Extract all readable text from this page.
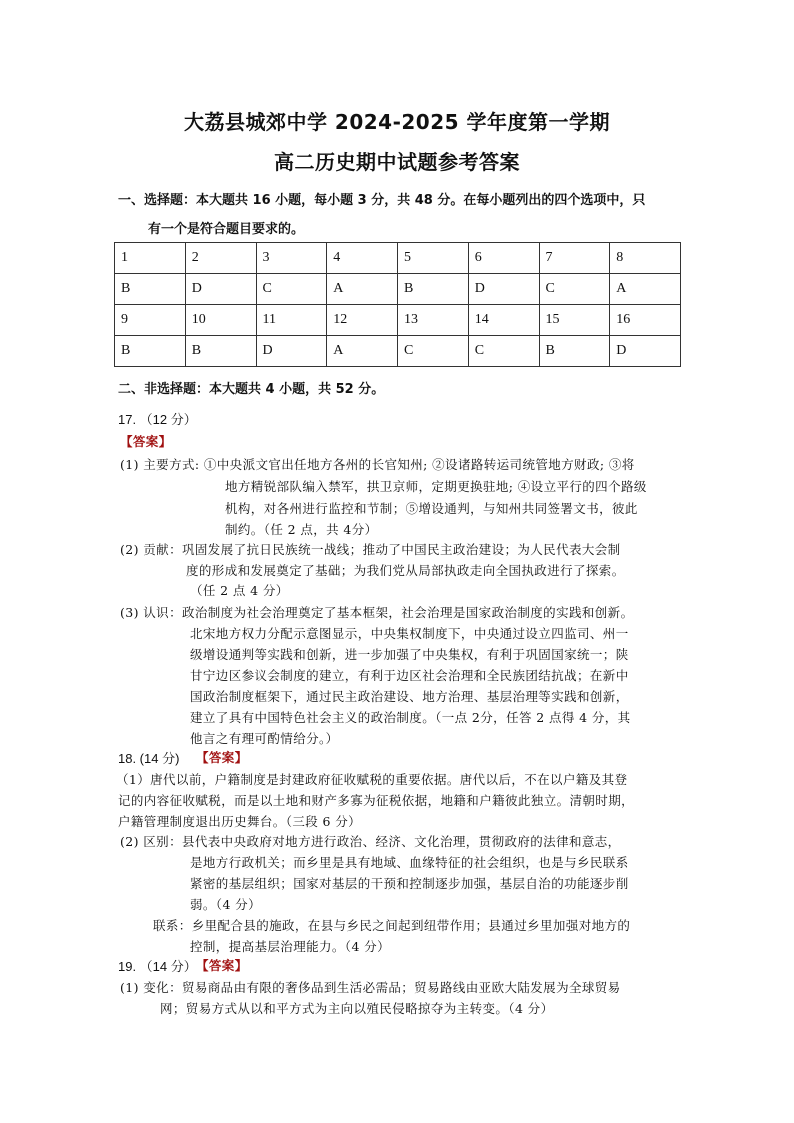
大荔县城郊中学 2024-2025 学年度第一学期
高二历史期中试题参考答案
一、选择题：本大题共 16 小题，每小题 3 分，共 48 分。在每小题列出的四个选项中，只
有一个是符合题目要求的。
1	2	3	4	5	6	7	8
B	D	C	A	B	D	C	A
9	10	11	12	13	14	15	16
B	B	D	A	C	C	B	D
二、非选择题：本大题共 4 小题，共 52 分。
17. （12 分）
【答案】
(1) 主要方式: ①中央派文官出任地方各州的长官知州; ②设诸路转运司统管地方财政; ③将
地方精锐部队编入禁军，拱卫京师，定期更换驻地; ④设立平行的四个路级
机构，对各州进行监控和节制；⑤增设通判，与知州共同签署文书，彼此
制约。（任 2 点，共 4分）
(2) 贡献：巩固发展了抗日民族统一战线；推动了中国民主政治建设；为人民代表大会制
度的形成和发展奠定了基础；为我们党从局部执政走向全国执政进行了探索。
（任 2 点 4 分）
(3) 认识：政治制度为社会治理奠定了基本框架，社会治理是国家政治制度的实践和创新。
北宋地方权力分配示意图显示，中央集权制度下，中央通过设立四监司、州一
级增设通判等实践和创新，进一步加强了中央集权，有利于巩固国家统一；陕
甘宁边区参议会制度的建立，有利于边区社会治理和全民族团结抗战；在新中
国政治制度框架下，通过民主政治建设、地方治理、基层治理等实践和创新，
建立了具有中国特色社会主义的政治制度。（一点 2分，任答 2 点得 4 分，其
他言之有理可酌情给分。）
18. (14 分) 【答案】
（1）唐代以前，户籍制度是封建政府征收赋税的重要依据。唐代以后，不在以户籍及其登
记的内容征收赋税，而是以土地和财产多寡为征税依据，地籍和户籍彼此独立。清朝时期，
户籍管理制度退出历史舞台。（三段 6 分）
(2) 区别：县代表中央政府对地方进行政治、经济、文化治理，贯彻政府的法律和意志，
是地方行政机关；而乡里是具有地域、血缘特征的社会组织，也是与乡民联系
紧密的基层组织；国家对基层的干预和控制逐步加强，基层自治的功能逐步削
弱。（4 分）
联系：乡里配合县的施政，在县与乡民之间起到纽带作用；县通过乡里加强对地方的
控制，提高基层治理能力。（4 分）
19. （14 分） 【答案】
(1) 变化：贸易商品由有限的奢侈品到生活必需品；贸易路线由亚欧大陆发展为全球贸易
网；贸易方式从以和平方式为主向以殖民侵略掠夺为主转变。（4 分）
